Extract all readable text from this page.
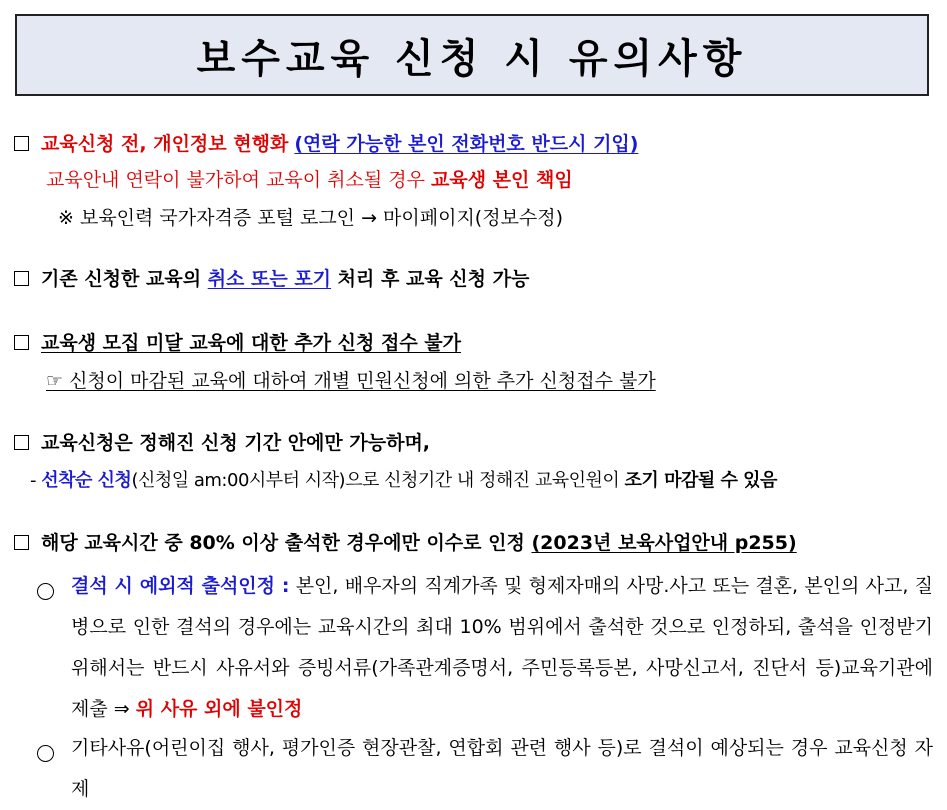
보수교육 신청 시 유의사항
교육신청 전, 개인정보 현행화 (연락 가능한 본인 전화번호 반드시 기입)
교육안내 연락이 불가하여 교육이 취소될 경우 교육생 본인 책임
※ 보육인력 국가자격증 포털 로그인 → 마이페이지(정보수정)
기존 신청한 교육의 취소 또는 포기 처리 후 교육 신청 가능
교육생 모집 미달 교육에 대한 추가 신청 접수 불가
☞ 신청이 마감된 교육에 대하여 개별 민원신청에 의한 추가 신청접수 불가
교육신청은 정해진 신청 기간 안에만 가능하며,
- 선착순 신청(신청일 am:00시부터 시작)으로 신청기간 내 정해진 교육인원이 조기 마감될 수 있음
해당 교육시간 중 80% 이상 출석한 경우에만 이수로 인정 (2023년 보육사업안내 p255)
결석 시 예외적 출석인정 : 본인, 배우자의 직계가족 및 형제자매의 사망.사고 또는 결혼, 본인의 사고, 질병으로 인한 결석의 경우에는 교육시간의 최대 10% 범위에서 출석한 것으로 인정하되, 출석을 인정받기 위해서는 반드시 사유서와 증빙서류(가족관계증명서, 주민등록등본, 사망신고서, 진단서 등)교육기관에 제출 ⇒ 위 사유 외에 불인정
기타사유(어린이집 행사, 평가인증 현장관찰, 연합회 관련 행사 등)로 결석이 예상되는 경우 교육신청 자제
